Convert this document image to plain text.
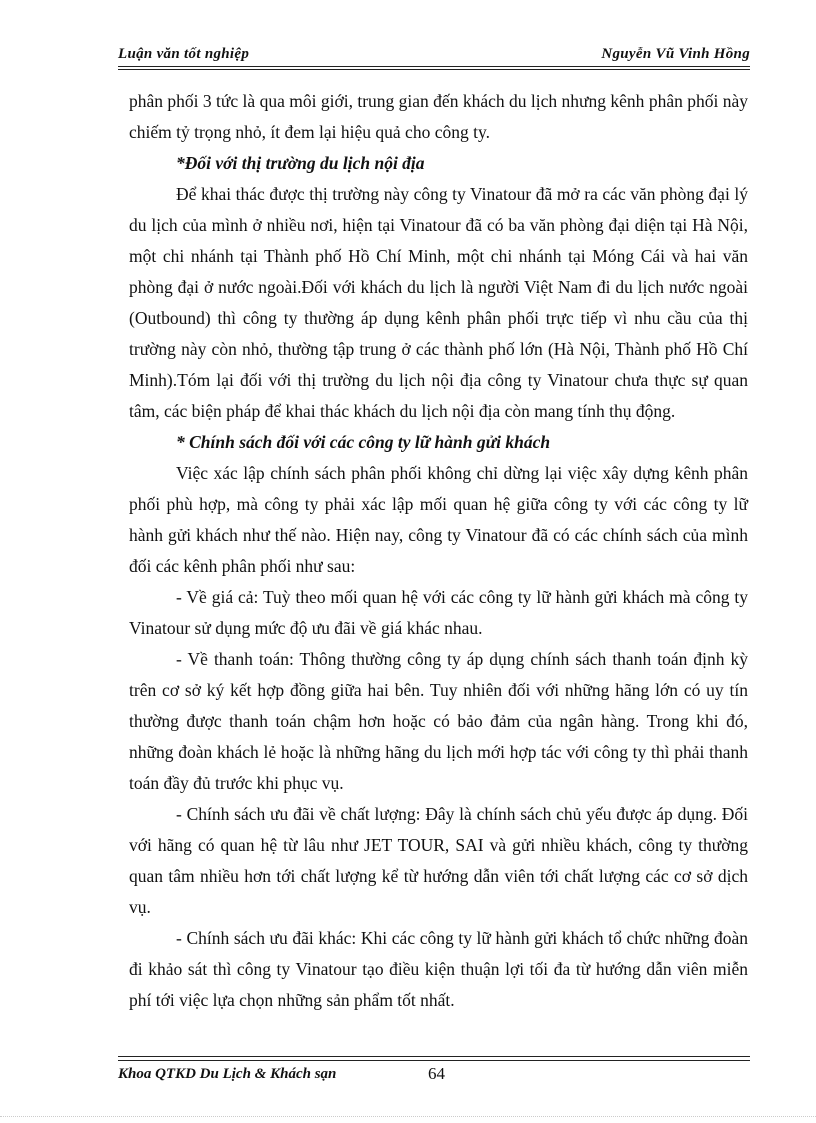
Luận văn tốt nghiệp	Nguyễn Vũ Vinh Hồng

phân phối 3 tức là qua môi giới, trung gian đến khách du lịch nhưng kênh phân phối này chiếm tỷ trọng nhỏ, ít đem lại hiệu quả cho công ty.

*Đối với thị trường du lịch nội địa

Để khai thác được thị trường này công ty Vinatour đã mở ra các văn phòng đại lý du lịch của mình ở nhiều nơi, hiện tại Vinatour đã có ba văn phòng đại diện tại Hà Nội, một chi nhánh tại Thành phố Hồ Chí Minh, một chi nhánh tại Móng Cái và hai văn phòng đại ở nước ngoài.Đối với khách du lịch là người Việt Nam đi du lịch nước ngoài (Outbound) thì công ty thường áp dụng kênh phân phối trực tiếp vì nhu cầu của thị trường này còn nhỏ, thường tập trung ở các thành phố lớn (Hà Nội, Thành phố Hồ Chí Minh).Tóm lại đối với thị trường du lịch nội địa công ty Vinatour chưa thực sự quan tâm, các biện pháp để khai thác khách du lịch nội địa còn mang tính thụ động.

* Chính sách đối với các công ty lữ hành gửi khách

Việc xác lập chính sách phân phối không chỉ dừng lại việc xây dựng kênh phân phối phù hợp, mà công ty phải xác lập mối quan hệ giữa công ty với các công ty lữ hành gửi khách như thế nào. Hiện nay, công ty Vinatour đã có các chính sách của mình đối các kênh phân phối như sau:

- Về giá cả: Tuỳ theo mối quan hệ với các công ty lữ hành gửi khách mà công ty Vinatour sử dụng mức độ ưu đãi về giá khác nhau.

- Về thanh toán: Thông thường công ty áp dụng chính sách thanh toán định kỳ trên cơ sở ký kết hợp đồng giữa hai bên. Tuy nhiên đối với những hãng lớn có uy tín thường được thanh toán chậm hơn hoặc có bảo đảm của ngân hàng. Trong khi đó, những đoàn khách lẻ hoặc là những hãng du lịch mới hợp tác với công ty thì phải thanh toán đầy đủ trước khi phục vụ.

- Chính sách ưu đãi về chất lượng: Đây là chính sách chủ yếu được áp dụng. Đối với hãng có quan hệ từ lâu như JET TOUR, SAI và gửi nhiều khách, công ty thường quan tâm nhiều hơn tới chất lượng kể từ hướng dẫn viên tới chất lượng các cơ sở dịch vụ.

- Chính sách ưu đãi khác: Khi các công ty lữ hành gửi khách tổ chức những đoàn đi khảo sát thì công ty Vinatour tạo điều kiện thuận lợi tối đa từ hướng dẫn viên miễn phí tới việc lựa chọn những sản phẩm tốt nhất.

Khoa QTKD Du Lịch & Khách sạn	64
